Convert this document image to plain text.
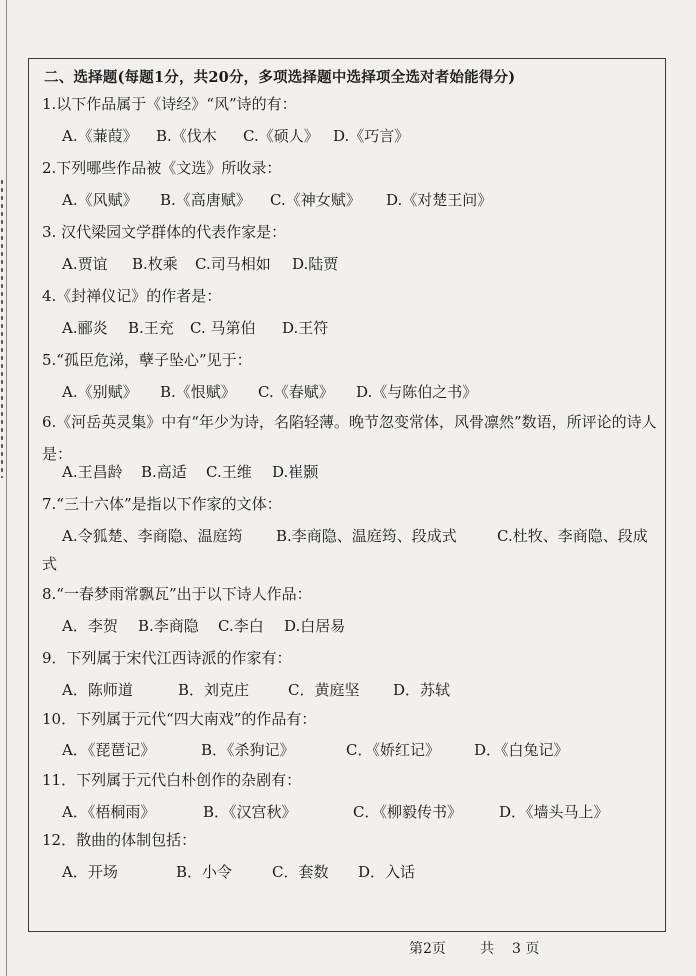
二、选择题(每题1分，共20分，多项选择题中选择项全选对者始能得分)
1.以下作品属于《诗经》“风”诗的有：
A.《蒹葭》 B.《伐木 C.《硕人》 D.《巧言》
2.下列哪些作品被《文选》所收录：
A.《风赋》 B.《高唐赋》 C.《神女赋》 D.《对楚王问》
3. 汉代梁园文学群体的代表作家是：
A.贾谊 B.枚乘 C.司马相如 D.陆贾
4.《封禅仪记》的作者是：
A.郦炎 B.王充 C. 马第伯 D.王符
5.“孤臣危涕，孽子坠心”见于：
A.《别赋》 B.《恨赋》 C.《春赋》 D.《与陈伯之书》
6.《河岳英灵集》中有“年少为诗，名陷轻薄。晚节忽变常体，风骨凛然”数语，所评论的诗人是：
A.王昌龄 B.高适 C.王维 D.崔颢
7.“三十六体”是指以下作家的文体：
A.令狐楚、李商隐、温庭筠 B.李商隐、温庭筠、段成式	C.杜牧、李商隐、段成
式
8.“一春梦雨常飘瓦”出于以下诗人作品：
A．李贺 B.李商隐 C.李白 D.白居易
9．下列属于宋代江西诗派的作家有：
A．陈师道	B．刘克庄	C．黄庭坚 D．苏轼
10．下列属于元代“四大南戏”的作品有：
A．《琵琶记》	B．《杀狗记》	C．《娇红记》 D．《白兔记》
11．下列属于元代白朴创作的杂剧有：
A．《梧桐雨》	B．《汉宫秋》	C．《柳毅传书》 D．《墙头马上》
12．散曲的体制包括：
A．开场	B．小令	C．套数 D．入话
第2页 共 3 页
